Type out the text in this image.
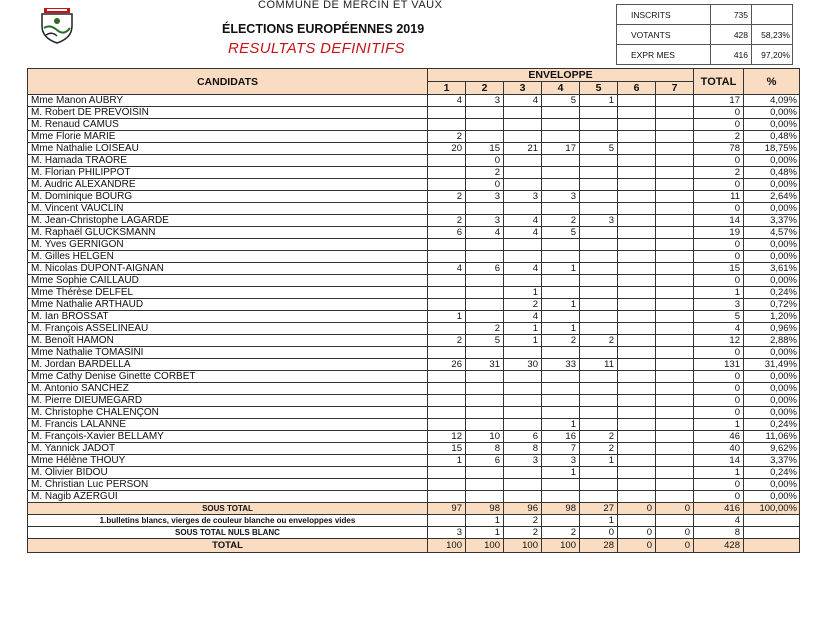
COMMUNE DE MERCIN ET VAUX
ÉLECTIONS EUROPÉENNES 2019
RESULTATS DEFINITIFS
INSCRITS	735	
VOTANTS	428	58,23%
EXPR MES	416	97,20%
CANDIDATS	ENVELOPPE							TOTAL	%
	1	2	3	4	5	6	7		
Mme Manon AUBRY	4	3	4	5	1			17	4,09%
M. Robert DE PREVOISIN								0	0,00%
M. Renaud CAMUS								0	0,00%
Mme Florie MARIE	2							2	0,48%
Mme Nathalie LOISEAU	20	15	21	17	5			78	18,75%
M. Hamada TRAORE		0						0	0,00%
M. Florian PHILIPPOT		2						2	0,48%
M. Audric ALEXANDRE		0						0	0,00%
M. Dominique BOURG	2	3	3	3				11	2,64%
M. Vincent VAUCLIN								0	0,00%
M. Jean-Christophe LAGARDE	2	3	4	2	3			14	3,37%
M. Raphaël GLUCKSMANN	6	4	4	5				19	4,57%
M. Yves GERNIGON								0	0,00%
M. Gilles HELGEN								0	0,00%
M. Nicolas DUPONT-AIGNAN	4	6	4	1				15	3,61%
Mme Sophie CAILLAUD								0	0,00%
Mme Thérèse DELFEL			1					1	0,24%
Mme Nathalie ARTHAUD			2	1				3	0,72%
M. Ian BROSSAT	1		4					5	1,20%
M. François ASSELINEAU		2	1	1				4	0,96%
M. Benoît HAMON	2	5	1	2	2			12	2,88%
Mme Nathalie TOMASINI								0	0,00%
M. Jordan BARDELLA	26	31	30	33	11			131	31,49%
Mme Cathy Denise Ginette CORBET								0	0,00%
M. Antonio SANCHEZ								0	0,00%
M. Pierre DIEUMEGARD								0	0,00%
M. Christophe CHALENÇON								0	0,00%
M. Francis LALANNE				1				1	0,24%
M. François-Xavier BELLAMY	12	10	6	16	2			46	11,06%
M. Yannick JADOT	15	8	8	7	2			40	9,62%
Mme Hélène THOUY	1	6	3	3	1			14	3,37%
M. Olivier BIDOU				1				1	0,24%
M. Christian Luc PERSON								0	0,00%
M. Nagib AZERGUI								0	0,00%
SOUS TOTAL	97	98	96	98	27	0	0	416	100,00%
1.bulletins blancs, vierges de couleur blanche ou enveloppes vides		1	2		1			4	
SOUS TOTAL NULS BLANC	3	1	2	2	0	0	0	8	
TOTAL	100	100	100	100	28	0	0	428	
